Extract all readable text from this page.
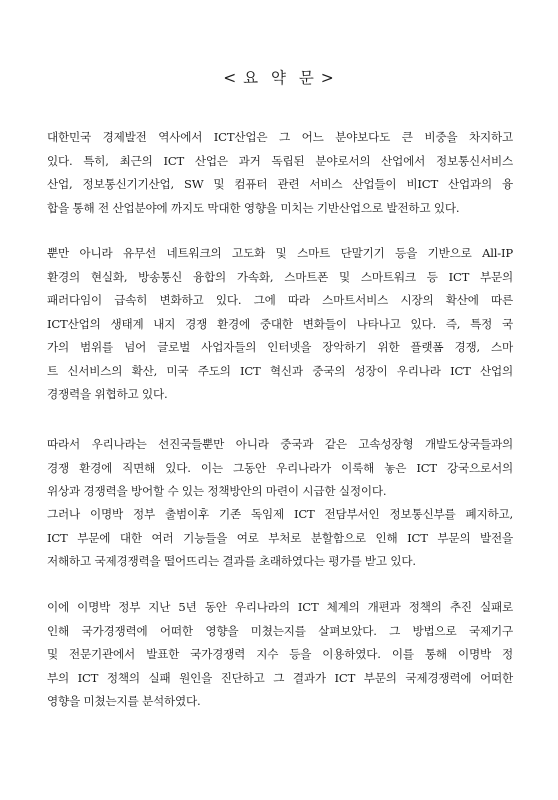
< 요  약  문 >
대한민국 경제발전 역사에서 ICT산업은 그 어느 분야보다도 큰 비중을 차지하고
있다. 특히, 최근의 ICT 산업은 과거 독립된 분야로서의 산업에서 정보통신서비스
산업, 정보통신기기산업, SW 및 컴퓨터 관련 서비스 산업들이 비ICT 산업과의 융
합을 통해 전 산업분야에 까지도 막대한 영향을 미치는 기반산업으로 발전하고 있다.
뿐만 아니라 유무선 네트워크의 고도화 및 스마트 단말기기 등을 기반으로 All-IP
환경의 현실화, 방송통신 융합의 가속화, 스마트폰 및 스마트워크 등 ICT 부문의
패러다임이 급속히 변화하고 있다. 그에 따라 스마트서비스 시장의 확산에 따른
ICT산업의 생태계 내지 경쟁 환경에 중대한 변화들이 나타나고 있다. 즉, 특정 국
가의 범위를 넘어 글로벌 사업자들의 인터넷을 장악하기 위한 플랫폼 경쟁, 스마
트 신서비스의 확산, 미국 주도의 ICT 혁신과 중국의 성장이 우리나라 ICT 산업의
경쟁력을 위협하고 있다.
따라서 우리나라는 선진국들뿐만 아니라 중국과 같은 고속성장형 개발도상국들과의
경쟁 환경에 직면해 있다. 이는 그동안 우리나라가 이룩해 놓은 ICT 강국으로서의
위상과 경쟁력을 방어할 수 있는 정책방안의 마련이 시급한 실정이다.
그러나 이명박 정부 출범이후 기존 독임제 ICT 전담부서인 정보통신부를 폐지하고,
ICT 부문에 대한 여러 기능들을 여로 부처로 분할함으로 인해 ICT 부문의 발전을
저해하고 국제경쟁력을 떨어뜨리는 결과를 초래하였다는 평가를 받고 있다.
이에 이명박 정부 지난 5년 동안 우리나라의 ICT 체계의 개편과 정책의 추진 실패로
인해 국가경쟁력에 어떠한 영향을 미쳤는지를 살펴보았다. 그 방법으로 국제기구
및 전문기관에서 발표한 국가경쟁력 지수 등을 이용하였다. 이를 통해 이명박 정
부의 ICT 정책의 실패 원인을 진단하고 그 결과가 ICT 부문의 국제경쟁력에 어떠한
영향을 미쳤는지를 분석하였다.
